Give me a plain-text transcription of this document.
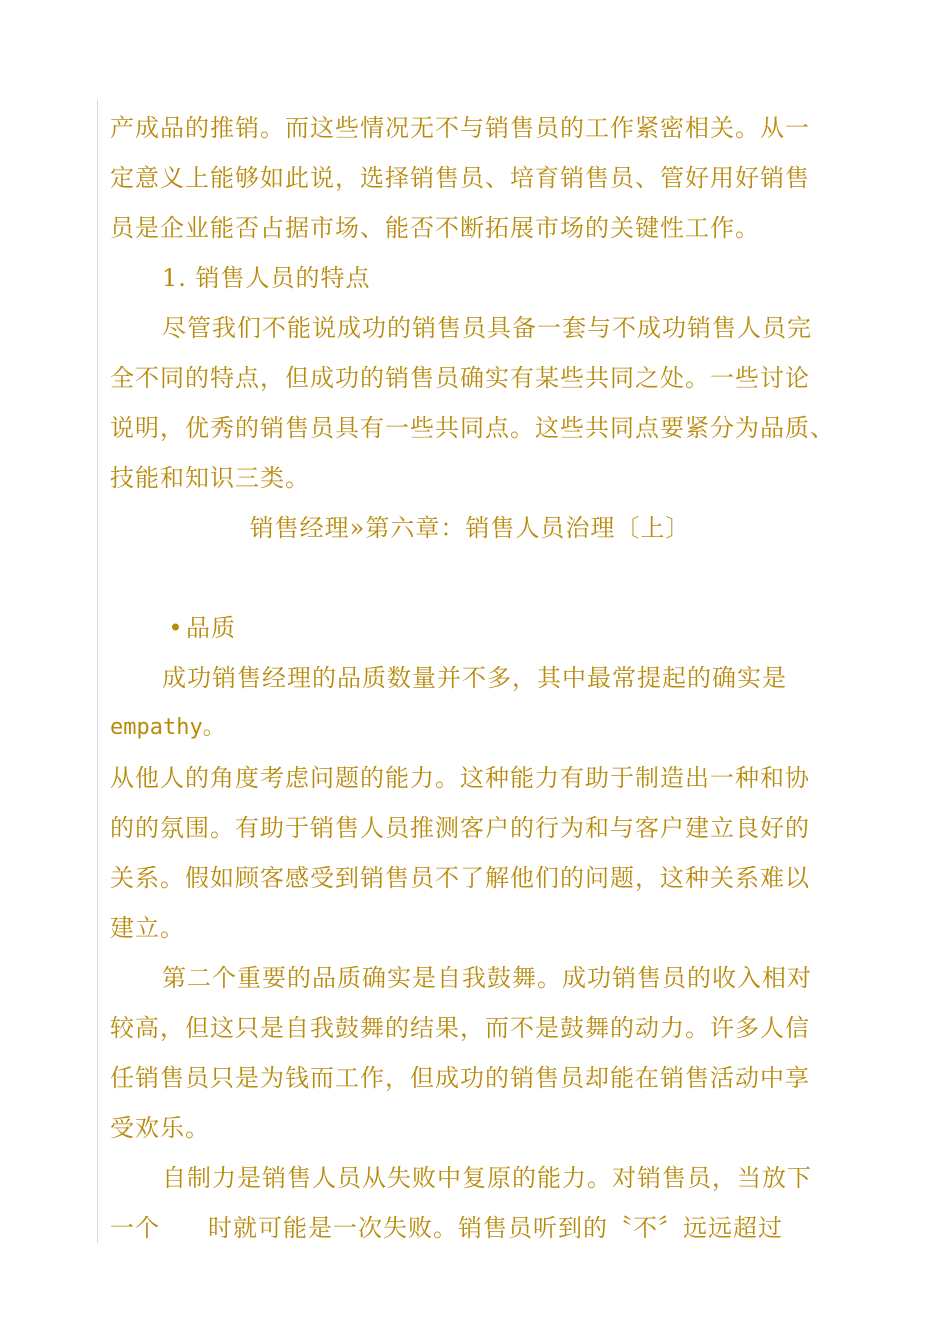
产成品的推销。而这些情况无不与销售员的工作紧密相关。从一
定意义上能够如此说，选择销售员、培育销售员、管好用好销售
员是企业能否占据市场、能否不断拓展市场的关键性工作。
1. 销售人员的特点
尽管我们不能说成功的销售员具备一套与不成功销售人员完
全不同的特点，但成功的销售员确实有某些共同之处。一些讨论
说明，优秀的销售员具有一些共同点。这些共同点要紧分为品质、
技能和知识三类。
销售经理»第六章：销售人员治理〔上〕
• 品质
成功销售经理的品质数量并不多，其中最常提起的确实是
empathy。
从他人的角度考虑问题的能力。这种能力有助于制造出一种和协
的的氛围。有助于销售人员推测客户的行为和与客户建立良好的
关系。假如顾客感受到销售员不了解他们的问题，这种关系难以
建立。
第二个重要的品质确实是自我鼓舞。成功销售员的收入相对
较高，但这只是自我鼓舞的结果，而不是鼓舞的动力。许多人信
任销售员只是为钱而工作，但成功的销售员却能在销售活动中享
受欢乐。
自制力是销售人员从失败中复原的能力。对销售员，当放下
一个 时就可能是一次失败。销售员听到的〝不〞远远超过
